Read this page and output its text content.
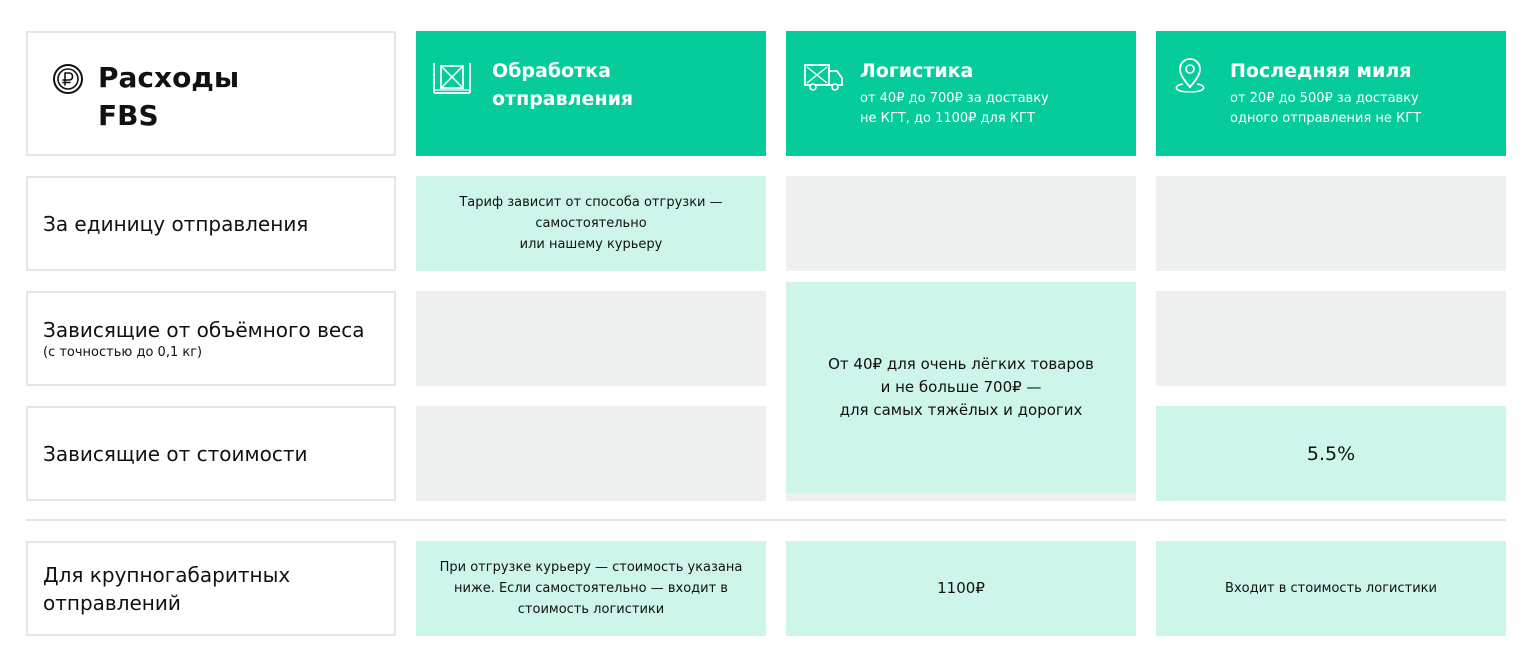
Расходы
FBS
Обработка
отправления
Логистика
от 40₽ до 700₽ за доставку
не КГТ, до 1100₽ для КГТ
Последняя миля
от 20₽ до 500₽ за доставку
одного отправления не КГТ
За единицу отправления
Тариф зависит от способа отгрузки —
самостоятельно
или нашему курьеру
Зависящие от объёмного веса
(с точностью до 0,1 кг)
От 40₽ для очень лёгких товаров
и не больше 700₽ —
для самых тяжёлых и дорогих
Зависящие от стоимости	5.5%
Для крупногабаритных
отправлений
При отгрузке курьеру — стоимость указана
ниже. Если самостоятельно — входит в
стоимость логистики
1100₽	Входит в стоимость логистики
